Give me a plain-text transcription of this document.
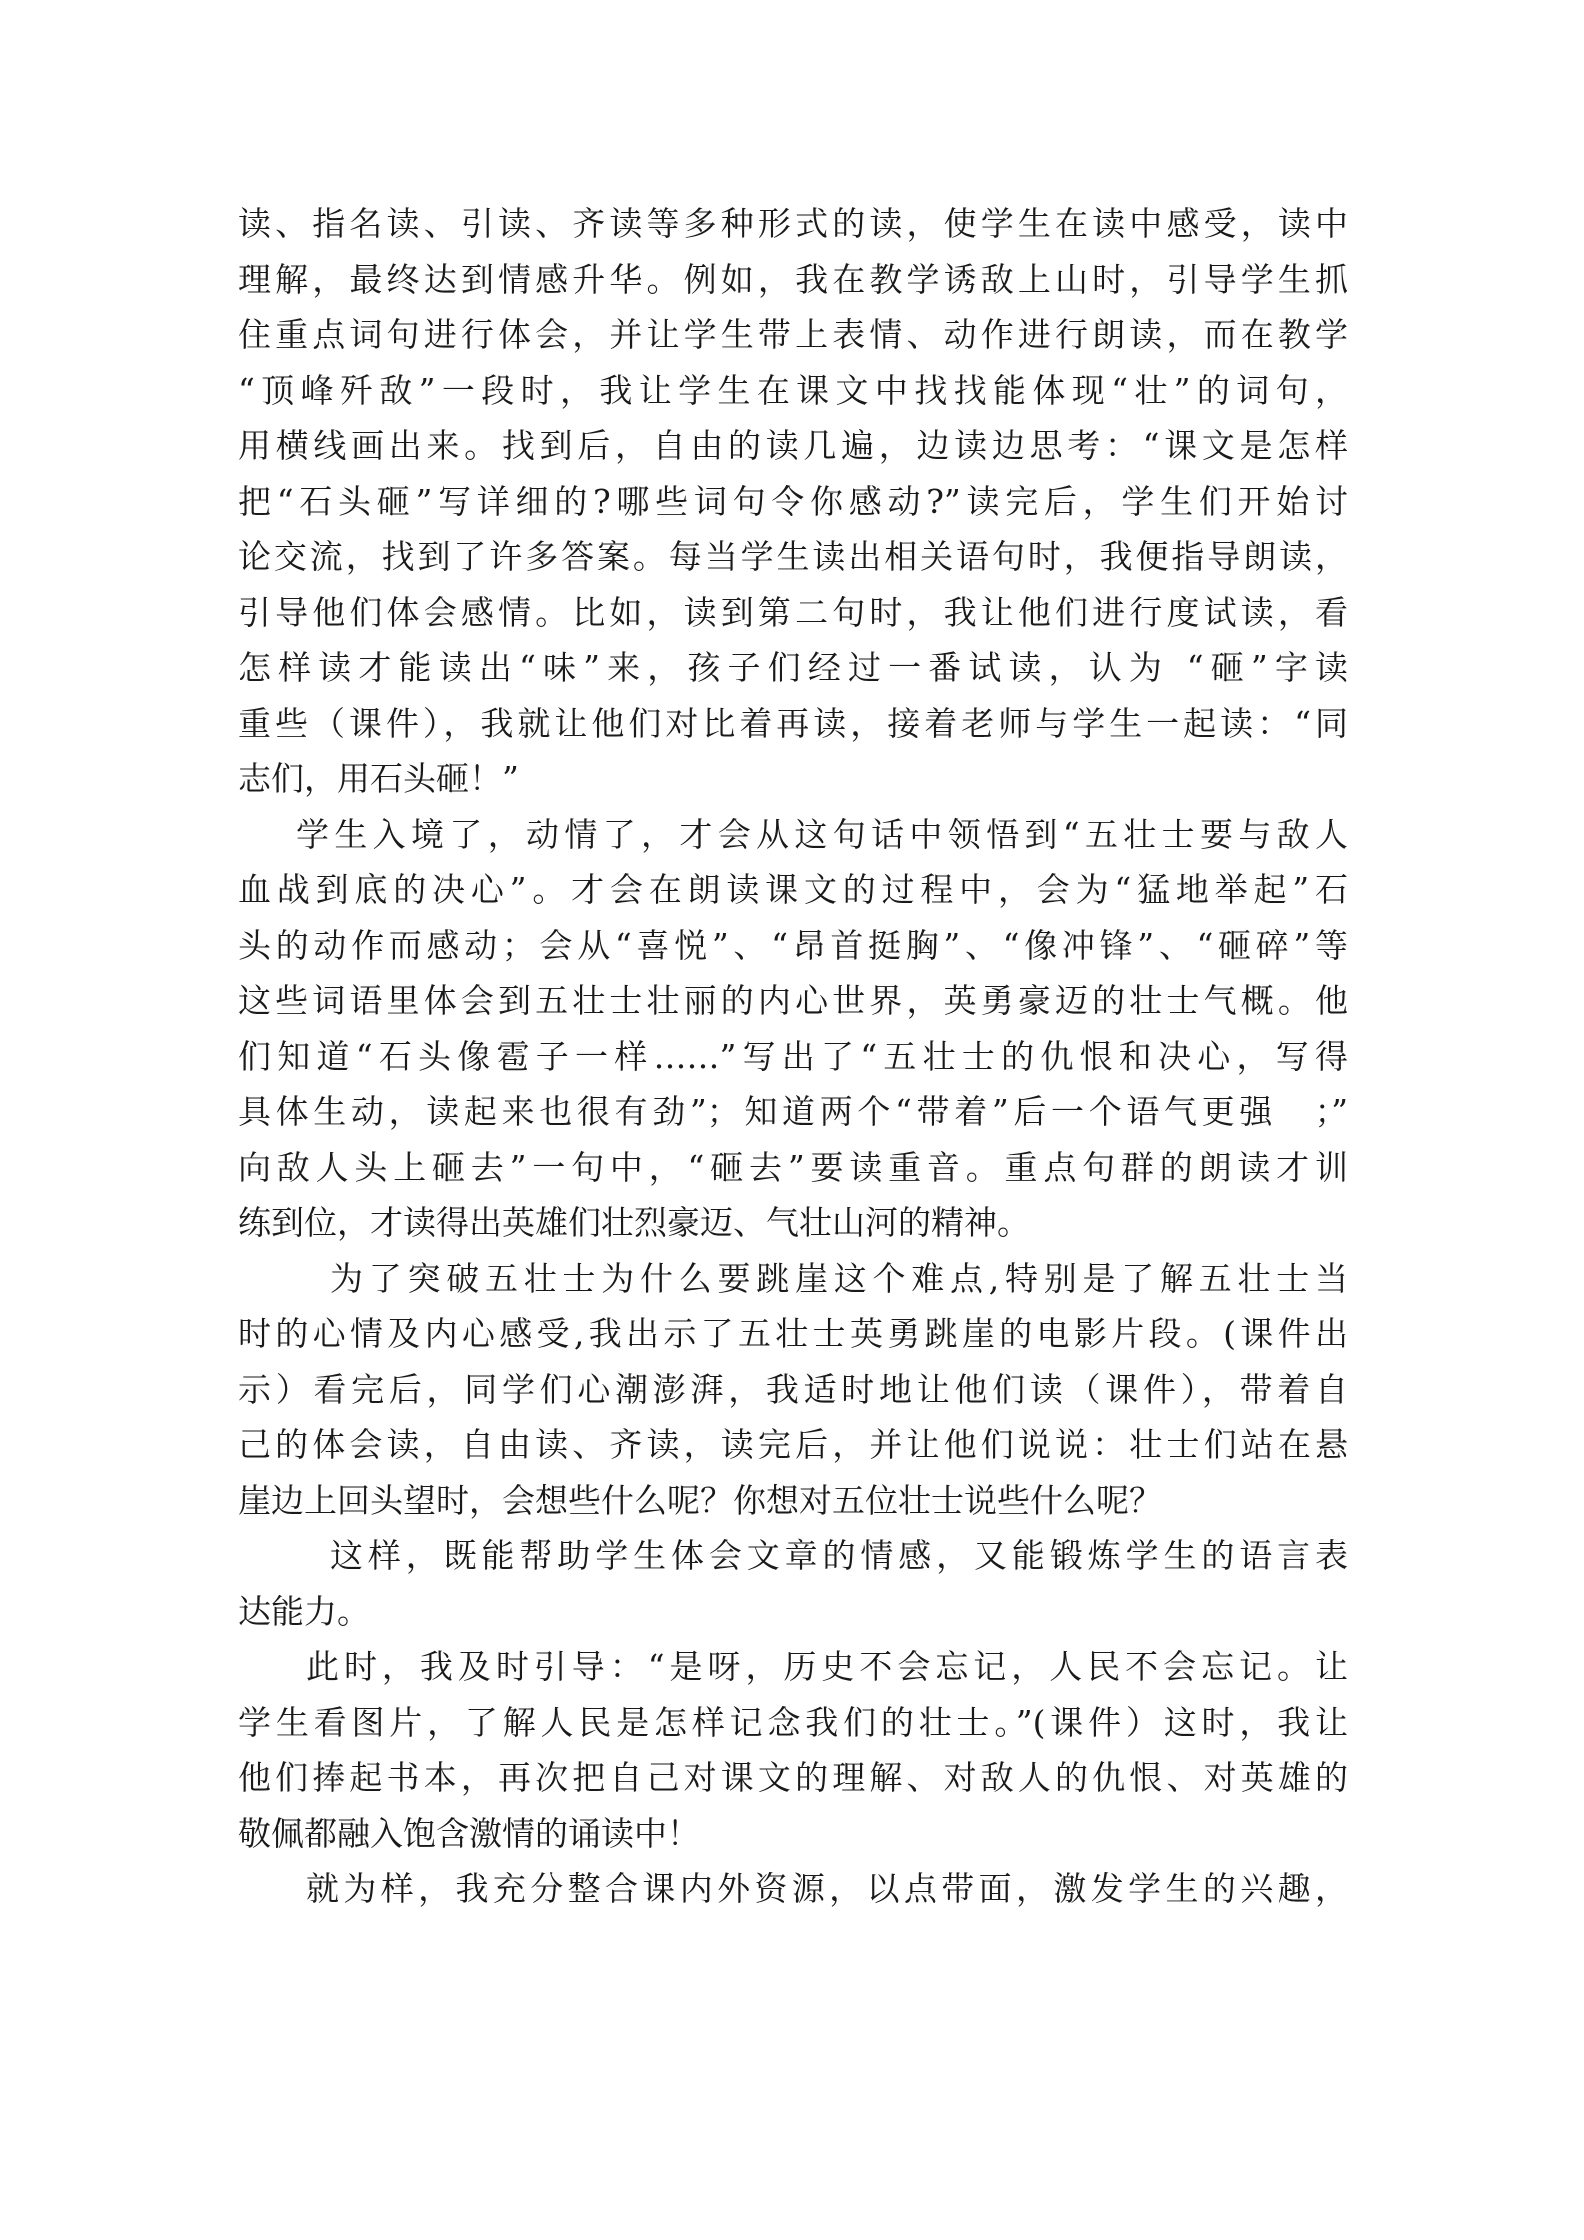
读、指名读、引读、齐读等多种形式的读，使学生在读中感受，读中
理解，最终达到情感升华。例如，我在教学诱敌上山时，引导学生抓
住重点词句进行体会，并让学生带上表情、动作进行朗读，而在教学
“顶峰歼敌”一段时，我让学生在课文中找找能体现“壮”的词句，
用横线画出来。找到后，自由的读几遍，边读边思考：“课文是怎样
把“石头砸”写详细的?哪些词句令你感动?”读完后，学生们开始讨
论交流，找到了许多答案。每当学生读出相关语句时，我便指导朗读，
引导他们体会感情。比如，读到第二句时，我让他们进行度试读，看
怎样读才能读出“味”来，孩子们经过一番试读，认为 “砸”字读
重些（课件），我就让他们对比着再读，接着老师与学生一起读：“同
志们，用石头砸！”
学生入境了，动情了，才会从这句话中领悟到“五壮士要与敌人
血战到底的决心”。才会在朗读课文的过程中，会为“猛地举起”石
头的动作而感动；会从“喜悦”、“昂首挺胸”、“像冲锋”、“砸碎”等
这些词语里体会到五壮士壮丽的内心世界，英勇豪迈的壮士气概。他
们知道“石头像雹子一样……”写出了“五壮士的仇恨和决心，写得
具体生动，读起来也很有劲”；知道两个“带着”后一个语气更强　；”
向敌人头上砸去”一句中，“砸去”要读重音。重点句群的朗读才训
练到位，才读得出英雄们壮烈豪迈、气壮山河的精神。
为了突破五壮士为什么要跳崖这个难点,特别是了解五壮士当
时的心情及内心感受,我出示了五壮士英勇跳崖的电影片段。(课件出
示）看完后，同学们心潮澎湃，我适时地让他们读（课件），带着自
己的体会读，自由读、齐读，读完后，并让他们说说：壮士们站在悬
崖边上回头望时，会想些什么呢？你想对五位壮士说些什么呢？
这样，既能帮助学生体会文章的情感，又能锻炼学生的语言表
达能力。
此时，我及时引导：“是呀，历史不会忘记，人民不会忘记。让
学生看图片，了解人民是怎样记念我们的壮士。”(课件）这时，我让
他们捧起书本，再次把自己对课文的理解、对敌人的仇恨、对英雄的
敬佩都融入饱含激情的诵读中！
就为样，我充分整合课内外资源，以点带面，激发学生的兴趣，
